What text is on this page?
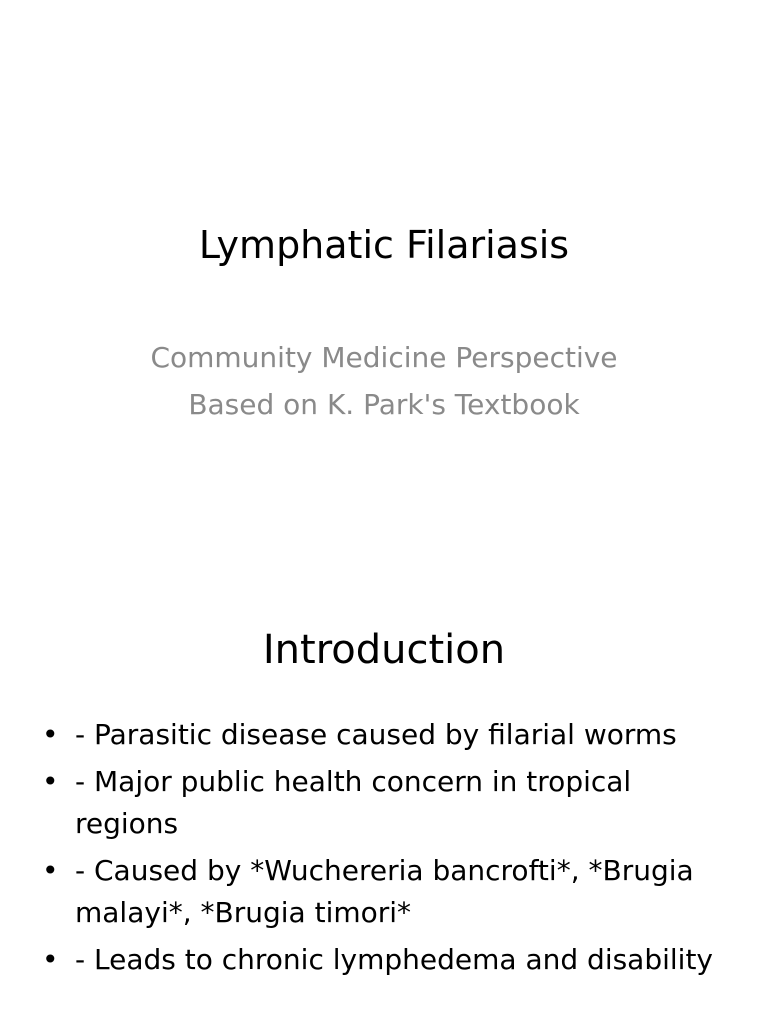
Lymphatic Filariasis
Community Medicine Perspective
Based on K. Park's Textbook
Introduction
• - Parasitic disease caused by filarial worms
• - Major public health concern in tropical regions
• - Caused by *Wuchereria bancrofti*, *Brugia malayi*, *Brugia timori*
• - Leads to chronic lymphedema and disability
